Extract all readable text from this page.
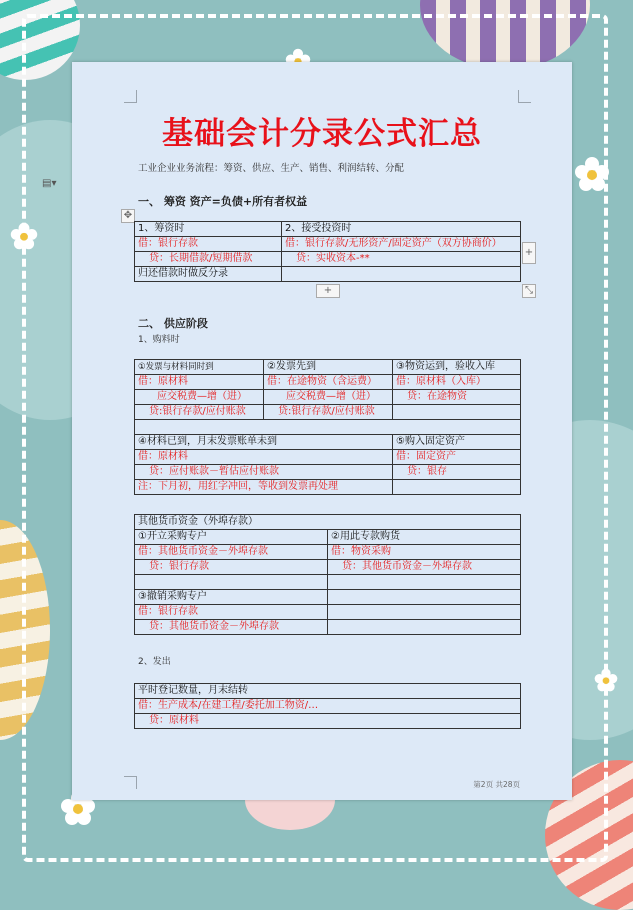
▤▾
基础会计分录公式汇总
工业企业业务流程：筹资、供应、生产、销售、利润结转、分配
一、 筹资 资产=负债+所有者权益
✥
1、筹资时	2、接受投资时
借：银行存款	借：银行存款/无形资产/固定资产（双方协商价）
贷：长期借款/短期借款	贷：实收资本-**
归还借款时做反分录	
+
+	⤡
二、 供应阶段
1、购料时
①发票与材料同时到	②发票先到	③物资运到，验收入库
借：原材料	借：在途物资（含运费）	借：原材料（入库）
应交税费—增（进）	应交税费—增（进）	贷：在途物资
贷:银行存款/应付账款	贷:银行存款/应付账款	

④材料已到，月末发票账单未到		⑤购入固定资产
借：原材料		借：固定资产
贷：应付账款－暂估应付账款		贷：银存
注：下月初，用红字冲回，等收到发票再处理		
其他货币资金（外埠存款）	
①开立采购专户	②用此专款购货
借：其他货币资金－外埠存款	借：物资采购
贷：银行存款	贷：其他货币资金－外埠存款

③撤销采购专户	
借：银行存款	
贷：其他货币资金－外埠存款	
2、发出
平时登记数量，月末结转
借：生产成本/在建工程/委托加工物资/…
贷：原材料
第2页 共28页
